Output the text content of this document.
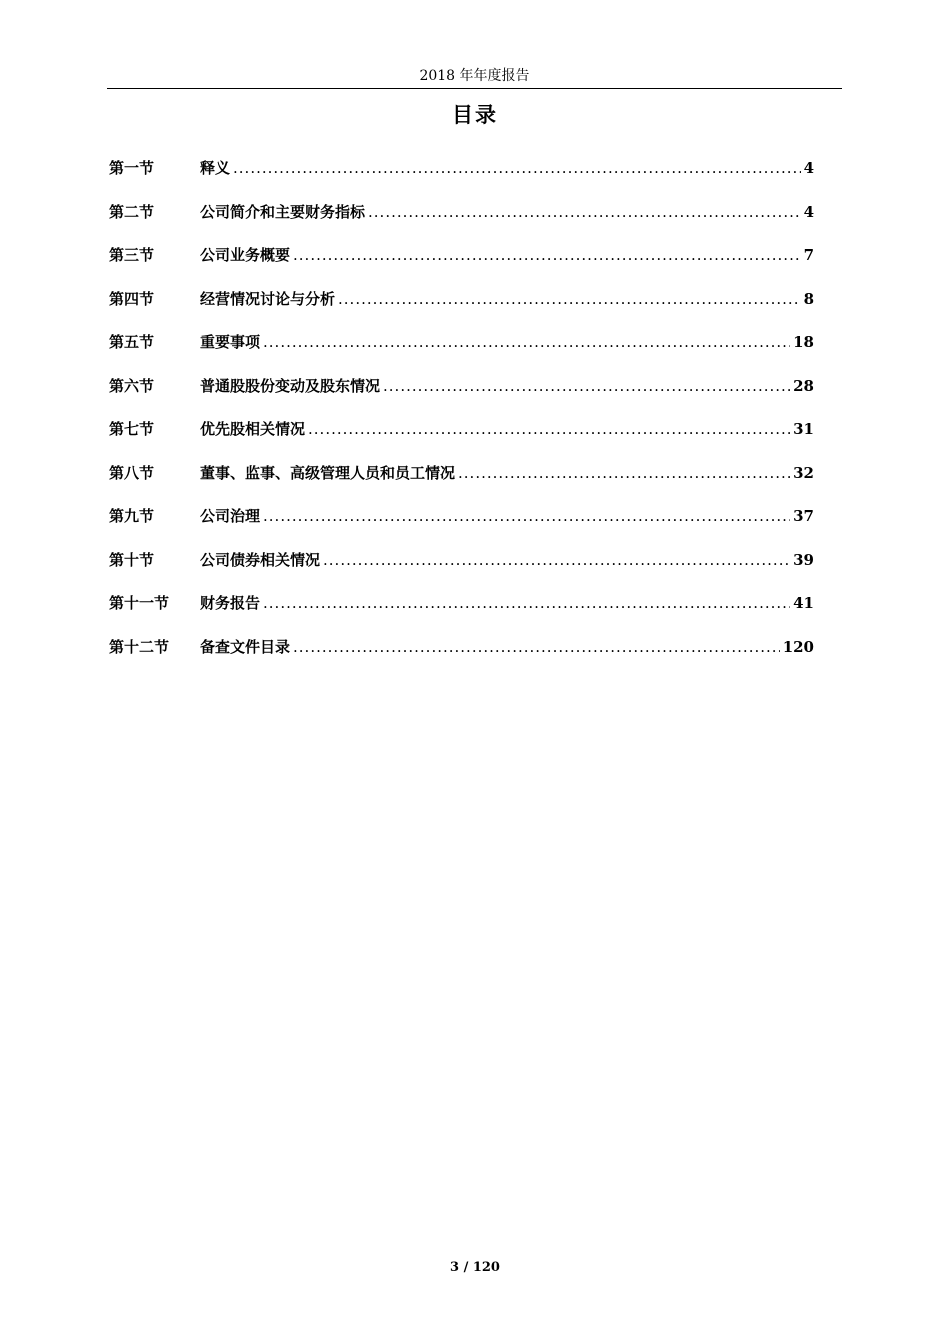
2018 年年度报告
目录
第一节	释义 .....	4
第二节	公司简介和主要财务指标 .....	4
第三节	公司业务概要 .....	7
第四节	经营情况讨论与分析 .....	8
第五节	重要事项 .....	18
第六节	普通股股份变动及股东情况 .....	28
第七节	优先股相关情况 .....	31
第八节	董事、监事、高级管理人员和员工情况 .....	32
第九节	公司治理 .....	37
第十节	公司债券相关情况 .....	39
第十一节	财务报告 .....	41
第十二节	备查文件目录 .....	120
3 / 120
